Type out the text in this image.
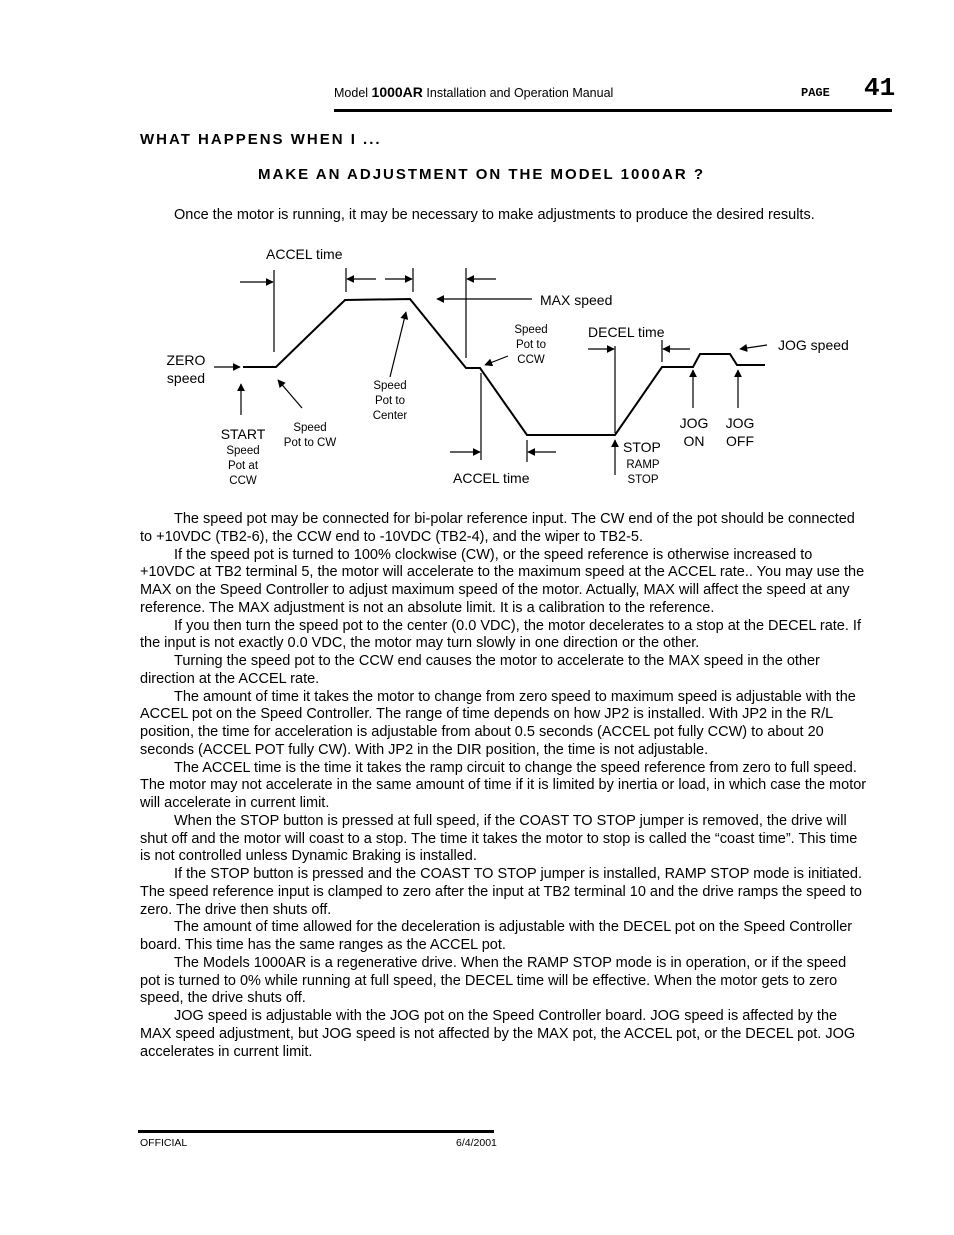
Model 1000AR Installation and Operation Manual	PAGE 41
WHAT HAPPENS WHEN I ...
MAKE AN ADJUSTMENT ON THE MODEL 1000AR ?
Once the motor is running, it may be necessary to make adjustments to produce the desired results.
ACCEL time
MAX speed
DECEL time
JOG speed
ZERO
speed
START
Speed
Pot at
CCW
Speed
Pot to CW
Speed
Pot to
Center
Speed
Pot to
CCW
ACCEL time
STOP
RAMP
STOP
JOG
ON
JOG
OFF

The speed pot may be connected for bi-polar reference input. The CW end of the pot should be connected to +10VDC (TB2-6), the CCW end to -10VDC (TB2-4), and the wiper to TB2-5.

If the speed pot is turned to 100% clockwise (CW), or the speed reference is otherwise increased to +10VDC at TB2 terminal 5, the motor will accelerate to the maximum speed at the ACCEL rate.. You may use the MAX on the Speed Controller to adjust maximum speed of the motor. Actually, MAX will affect the speed at any reference. The MAX adjustment is not an absolute limit. It is a calibration to the reference.

If you then turn the speed pot to the center (0.0 VDC), the motor decelerates to a stop at the DECEL rate. If the input is not exactly 0.0 VDC, the motor may turn slowly in one direction or the other.

Turning the speed pot to the CCW end causes the motor to accelerate to the MAX speed in the other direction at the ACCEL rate.

The amount of time it takes the motor to change from zero speed to maximum speed is adjustable with the ACCEL pot on the Speed Controller. The range of time depends on how JP2 is installed. With JP2 in the R/L position, the time for acceleration is adjustable from about 0.5 seconds (ACCEL pot fully CCW) to about 20 seconds (ACCEL POT fully CW). With JP2 in the DIR position, the time is not adjustable.

The ACCEL time is the time it takes the ramp circuit to change the speed reference from zero to full speed. The motor may not accelerate in the same amount of time if it is limited by inertia or load, in which case the motor will accelerate in current limit.

When the STOP button is pressed at full speed, if the COAST TO STOP jumper is removed, the drive will shut off and the motor will coast to a stop. The time it takes the motor to stop is called the “coast time”. This time is not controlled unless Dynamic Braking is installed.

If the STOP button is pressed and the COAST TO STOP jumper is installed, RAMP STOP mode is initiated. The speed reference input is clamped to zero after the input at TB2 terminal 10 and the drive ramps the speed to zero. The drive then shuts off.

The amount of time allowed for the deceleration is adjustable with the DECEL pot on the Speed Controller board. This time has the same ranges as the ACCEL pot.

The Models 1000AR is a regenerative drive. When the RAMP STOP mode is in operation, or if the speed pot is turned to 0% while running at full speed, the DECEL time will be effective. When the motor gets to zero speed, the drive shuts off.

JOG speed is adjustable with the JOG pot on the Speed Controller board. JOG speed is affected by the MAX speed adjustment, but JOG speed is not affected by the MAX pot, the ACCEL pot, or the DECEL pot. JOG accelerates in current limit.

OFFICIAL	6/4/2001
